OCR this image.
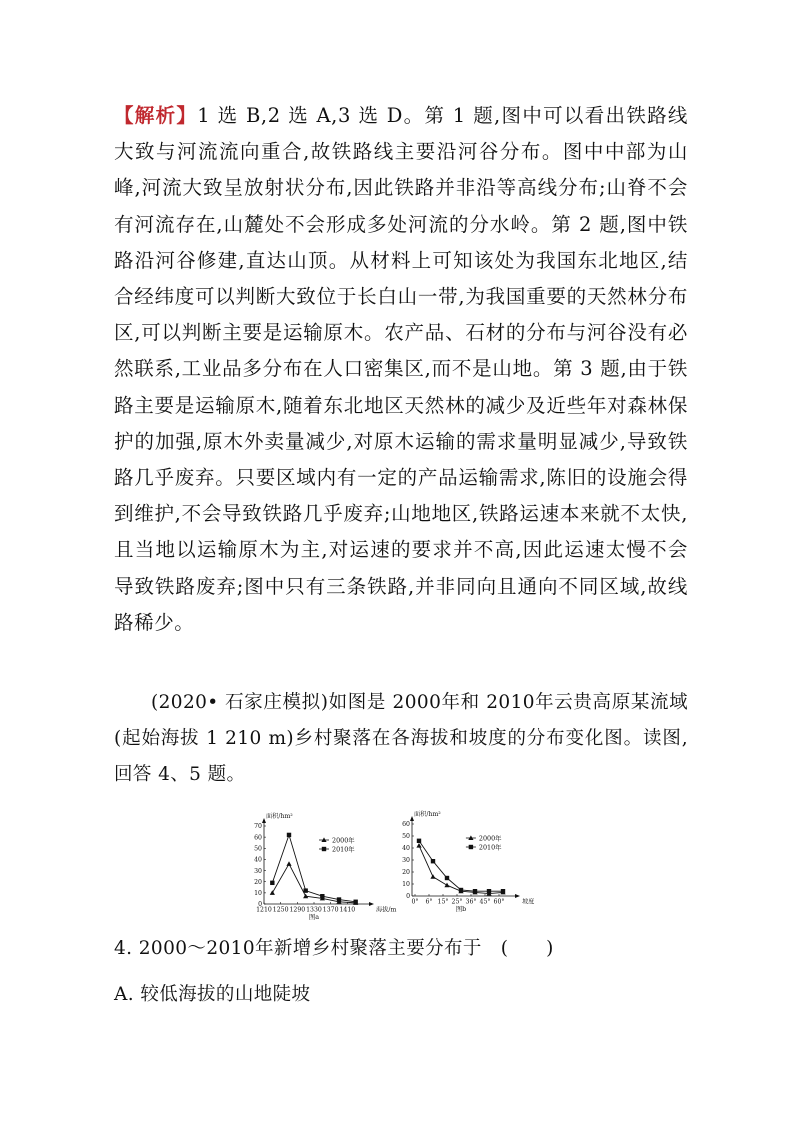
【解析】1 选 B,2 选 A,3 选 D。第 1 题,图中可以看出铁路线大致与河流流向重合,故铁路线主要沿河谷分布。图中中部为山峰,河流大致呈放射状分布,因此铁路并非沿等高线分布;山脊不会有河流存在,山麓处不会形成多处河流的分水岭。第 2 题,图中铁路沿河谷修建,直达山顶。从材料上可知该处为我国东北地区,结合经纬度可以判断大致位于长白山一带,为我国重要的天然林分布区,可以判断主要是运输原木。农产品、石材的分布与河谷没有必然联系,工业品多分布在人口密集区,而不是山地。第 3 题,由于铁路主要是运输原木,随着东北地区天然林的减少及近些年对森林保护的加强,原木外卖量减少,对原木运输的需求量明显减少,导致铁路几乎废弃。只要区域内有一定的产品运输需求,陈旧的设施会得到维护,不会导致铁路几乎废弃;山地地区,铁路运速本来就不太快,且当地以运输原木为主,对运速的要求并不高,因此运速太慢不会导致铁路废弃;图中只有三条铁路,并非同向且通向不同区域,故线路稀少。

(2020• 石家庄模拟)如图是 2000年和 2010年云贵高原某流域(起始海拔 1 210 m)乡村聚落在各海拔和坡度的分布变化图。读图,回答 4、5 题。

0
10
20
30
40
50
60
70
1210 1250 1290 1330 1370 1410
面积/hm²
海拔/m
图a
2000年
2010年
0
10
20
30
40
50
60
0° 6° 15° 25° 36° 45° 60°
面积/hm²
坡度
图b
2000年
2010年

4. 2000～2010年新增乡村聚落主要分布于  (　　)

A. 较低海拔的山地陡坡
